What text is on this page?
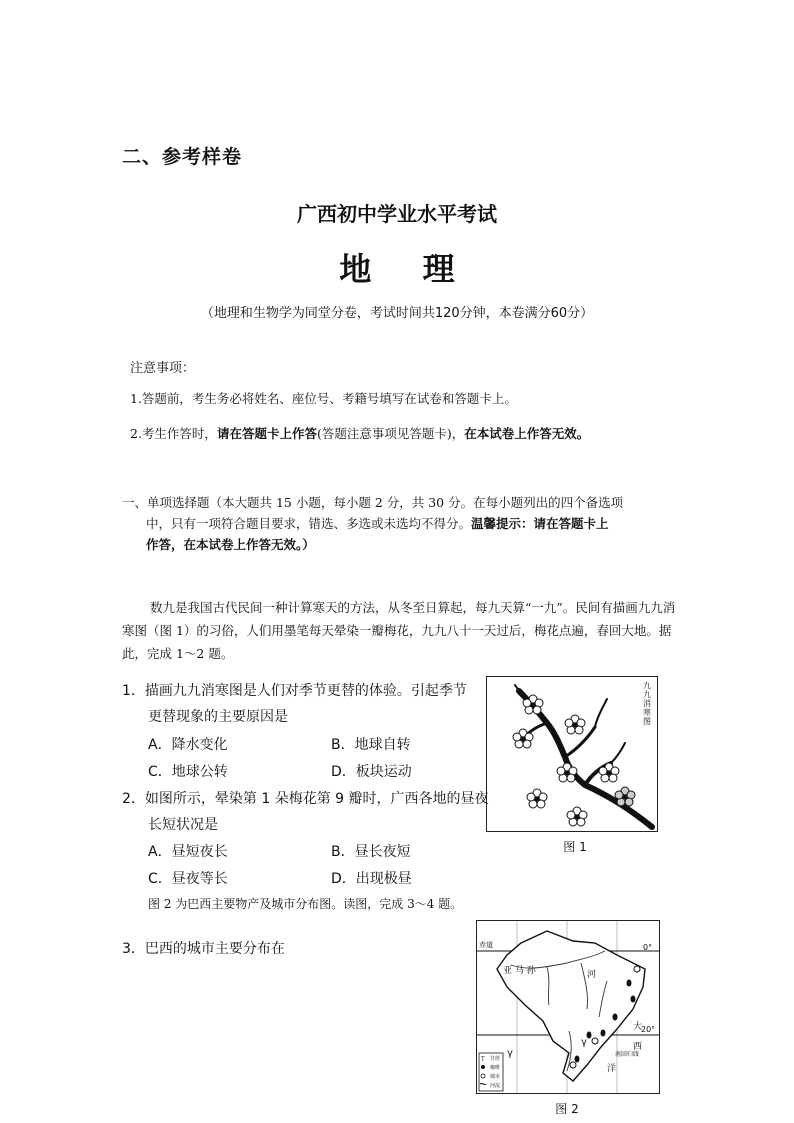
二、参考样卷
广西初中学业水平考试
地 理
（地理和生物学为同堂分卷，考试时间共120分钟，本卷满分60分）
注意事项：
1.答题前，考生务必将姓名、座位号、考籍号填写在试卷和答题卡上。
2.考生作答时，请在答题卡上作答(答题注意事项见答题卡)，在本试卷上作答无效。
一、单项选择题（本大题共 15 小题，每小题 2 分，共 30 分。在每小题列出的四个备选项
中，只有一项符合题目要求，错选、多选或未选均不得分。温馨提示：请在答题卡上
作答，在本试卷上作答无效。）
数九是我国古代民间一种计算寒天的方法，从冬至日算起，每九天算“一九”。民间有描画九九消寒图（图 1）的习俗，人们用墨笔每天晕染一瓣梅花，九九八十一天过后，梅花点遍，春回大地。据此，完成 1～2 题。
1．描画九九消寒图是人们对季节更替的体验。引起季节
更替现象的主要原因是
A．降水变化	B．地球自转
C．地球公转	D．板块运动
2．如图所示，晕染第 1 朵梅花第 9 瓣时，广西各地的昼夜
长短状况是
A．昼短夜长	B．昼长夜短
C．昼夜等长	D．出现极昼
九九消寒图
图 1
图 2 为巴西主要物产及城市分布图。读图，完成 3～4 题。
3．巴西的城市主要分布在
γ
γ
T
赤道	0°
20°
亚 马 孙	河
大
西
洋
南回归线
甘蔗
咖啡
城市
河流
图 2
